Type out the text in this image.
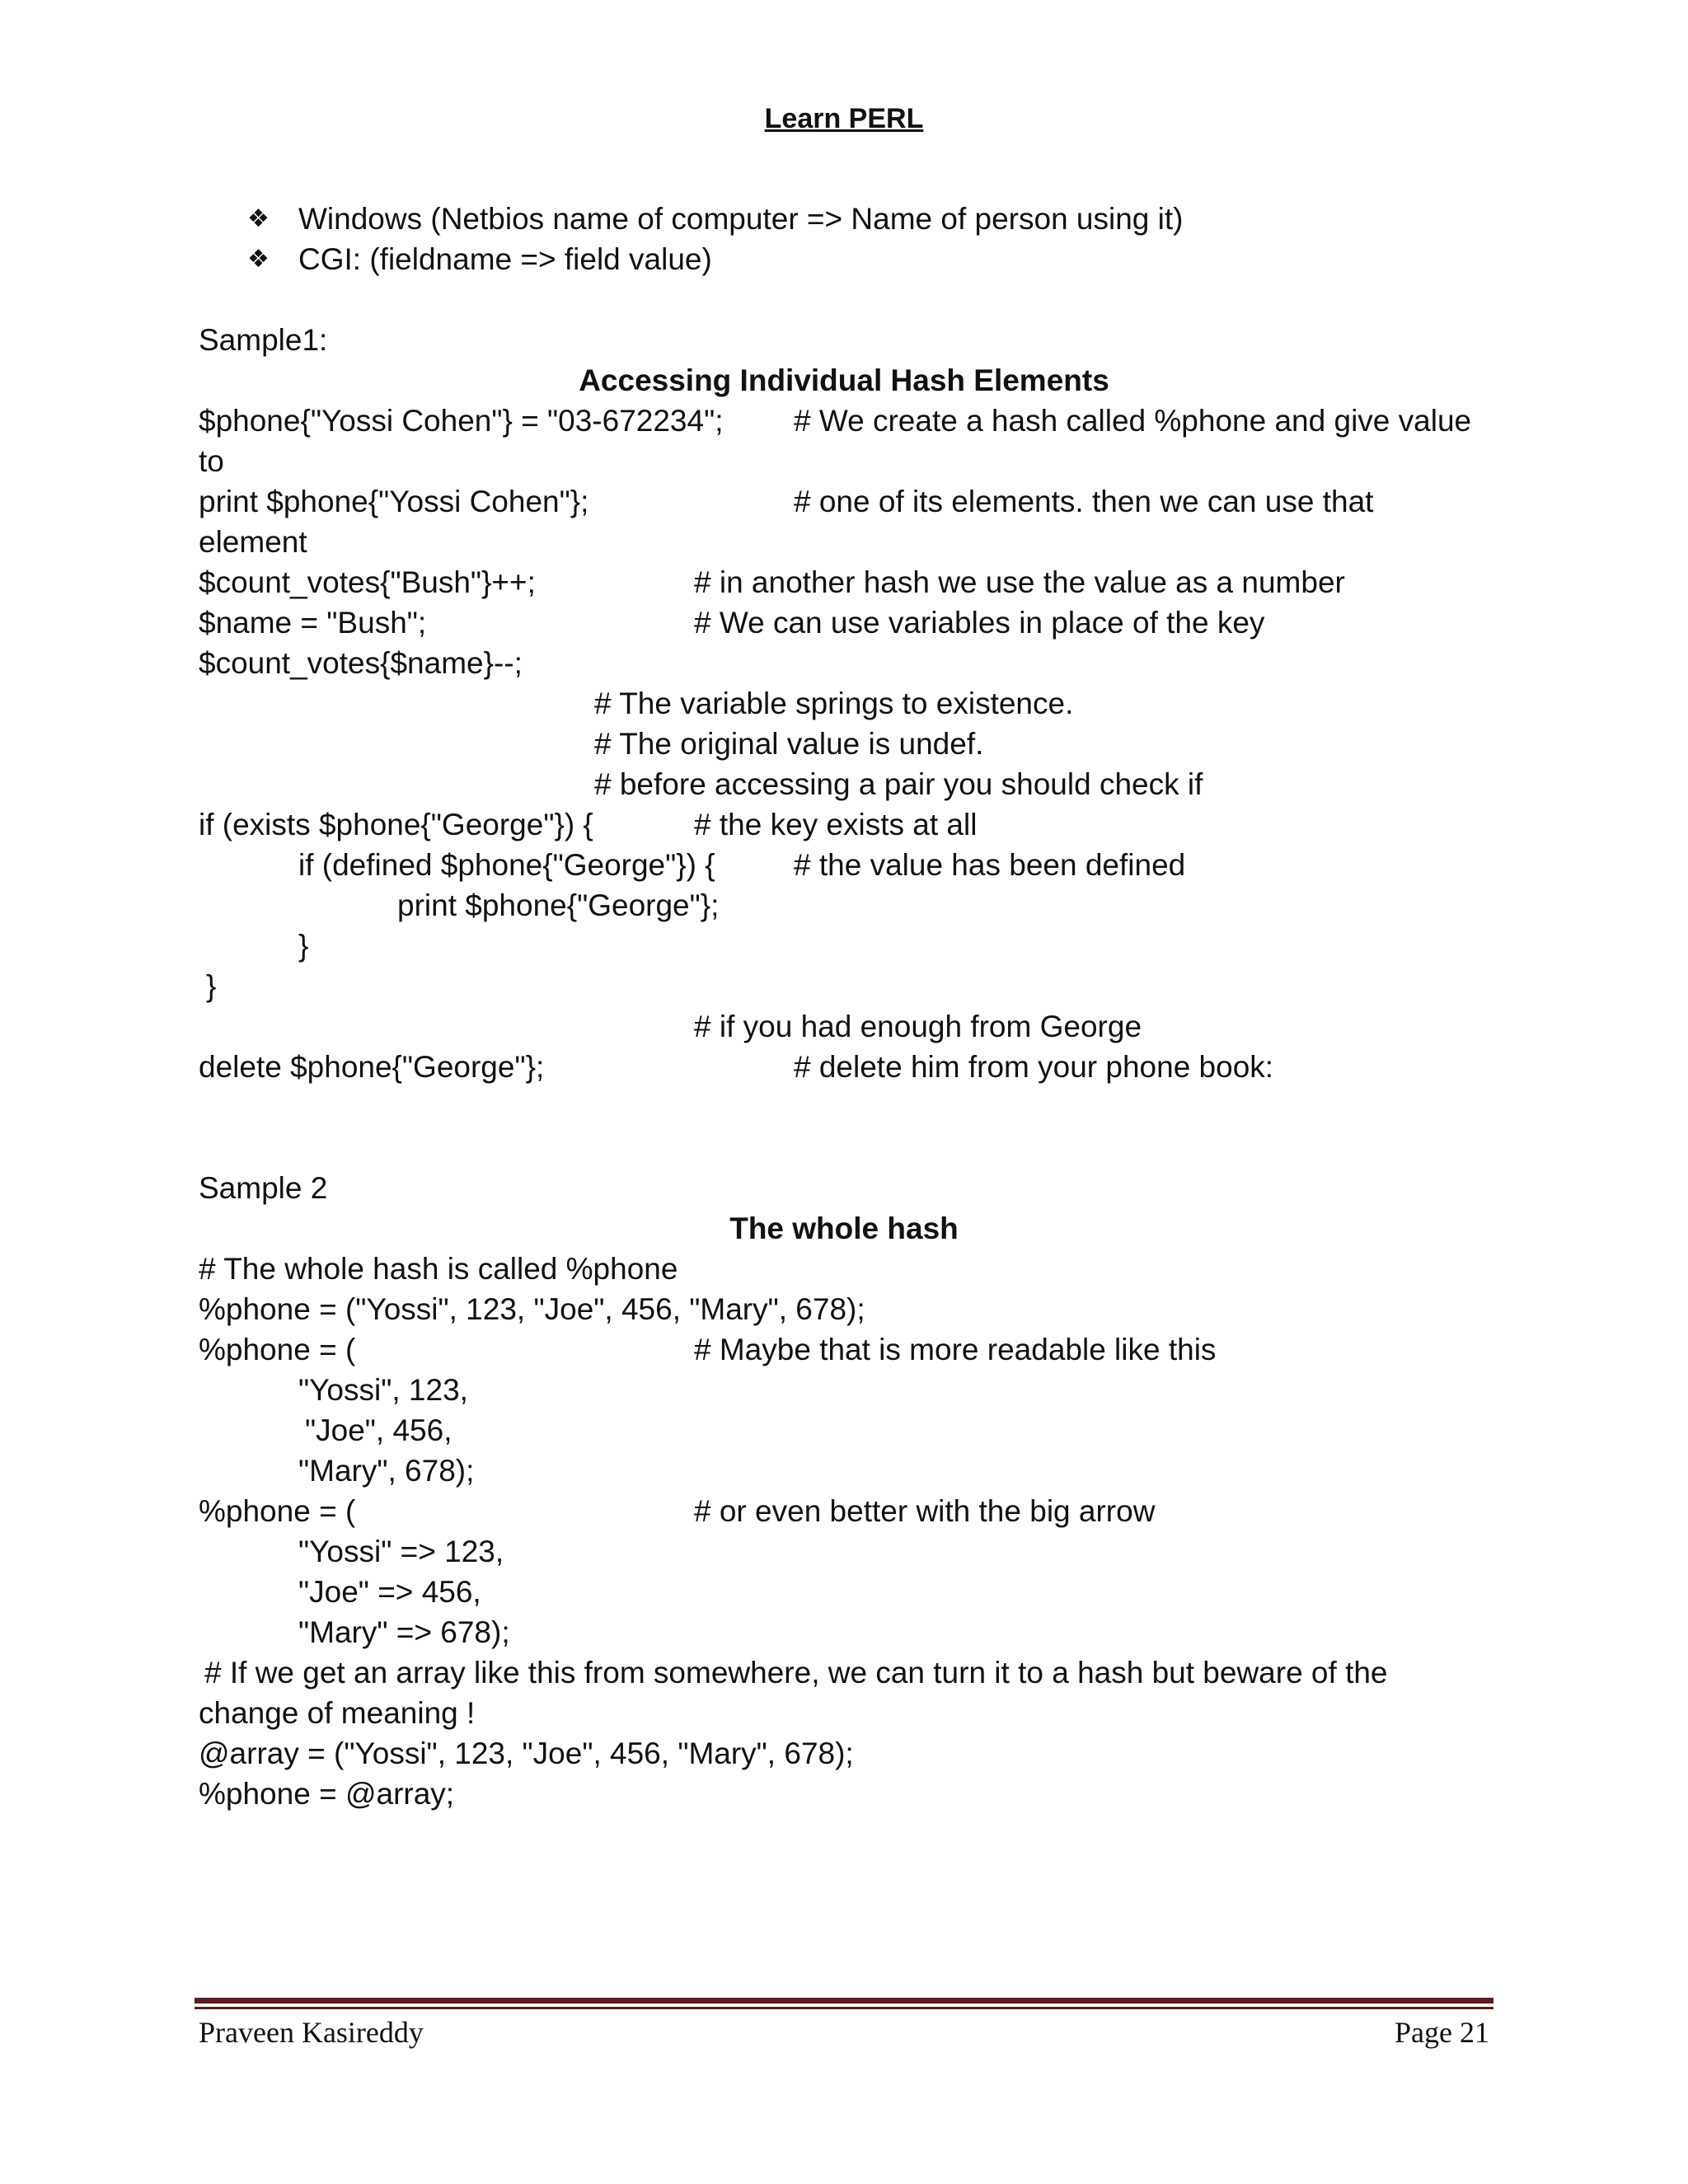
Learn PERL
❖ Windows (Netbios name of computer => Name of person using it)
❖ CGI: (fieldname => field value)
Sample1:
Accessing Individual Hash Elements
$phone{"Yossi Cohen"} = "03-672234"; # We create a hash called %phone and give value
to
print $phone{"Yossi Cohen"};	# one of its elements. then we can use that
element
$count_votes{"Bush"}++;	# in another hash we use the value as a number
$name = "Bush";	# We can use variables in place of the key
$count_votes{$name}--;
# The variable springs to existence.
# The original value is undef.
# before accessing a pair you should check if
if (exists $phone{"George"}) {	# the key exists at all
if (defined $phone{"George"}) {	# the value has been defined
print $phone{"George"};
}
}
# if you had enough from George
delete $phone{"George"};	# delete him from your phone book:
Sample 2
The whole hash
# The whole hash is called %phone
%phone = ("Yossi", 123, "Joe", 456, "Mary", 678);
%phone = (	# Maybe that is more readable like this
"Yossi", 123,
"Joe", 456,
"Mary", 678);
%phone = (	# or even better with the big arrow
"Yossi" => 123,
"Joe" => 456,
"Mary" => 678);
# If we get an array like this from somewhere, we can turn it to a hash but beware of the
change of meaning !
@array = ("Yossi", 123, "Joe", 456, "Mary", 678);
%phone = @array;
Praveen Kasireddy	Page 21
